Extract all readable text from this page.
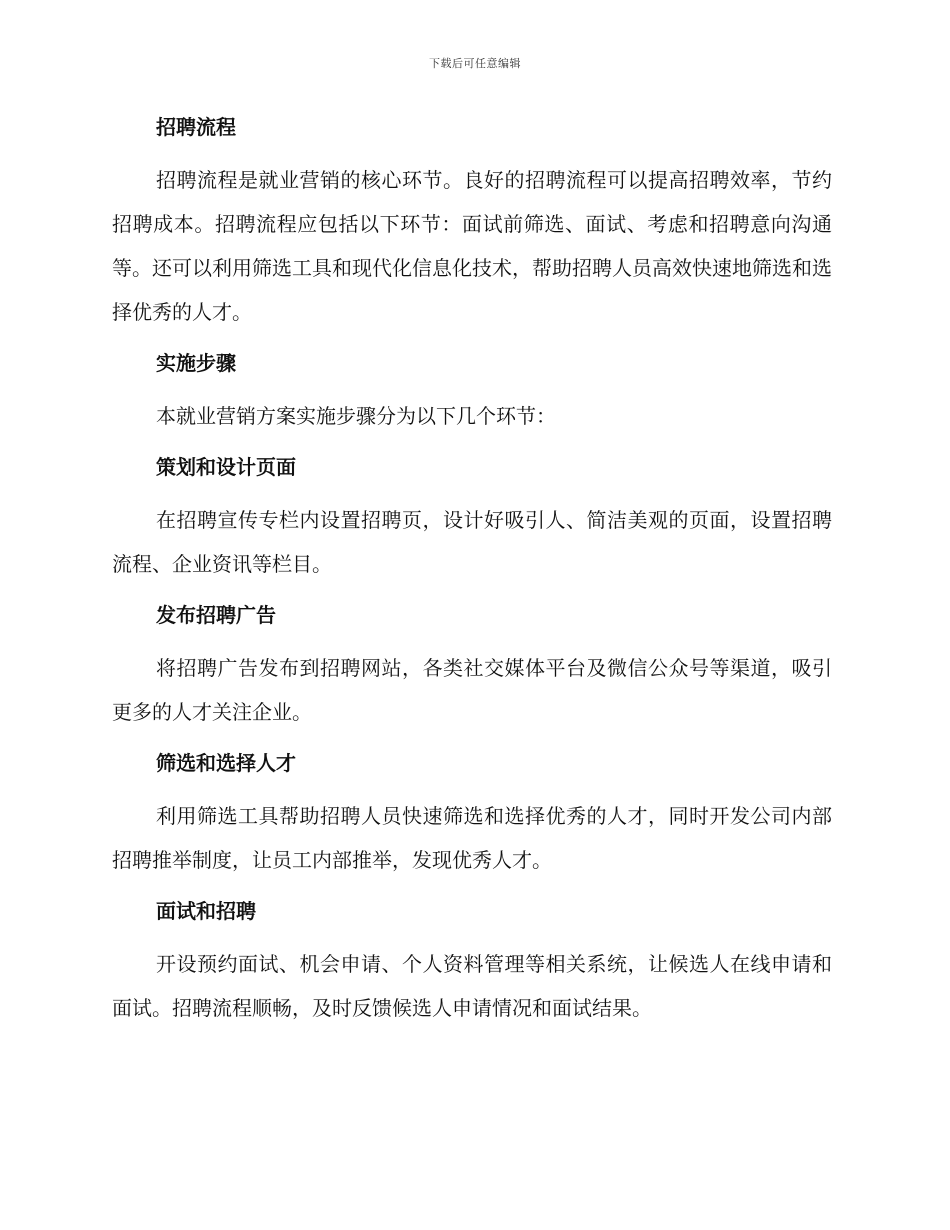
下载后可任意编辑
招聘流程

招聘流程是就业营销的核心环节。良好的招聘流程可以提高招聘效率，节约招聘成本。招聘流程应包括以下环节：面试前筛选、面试、考虑和招聘意向沟通等。还可以利用筛选工具和现代化信息化技术，帮助招聘人员高效快速地筛选和选择优秀的人才。

实施步骤

本就业营销方案实施步骤分为以下几个环节：

策划和设计页面

在招聘宣传专栏内设置招聘页，设计好吸引人、简洁美观的页面，设置招聘流程、企业资讯等栏目。

发布招聘广告

将招聘广告发布到招聘网站，各类社交媒体平台及微信公众号等渠道，吸引更多的人才关注企业。

筛选和选择人才

利用筛选工具帮助招聘人员快速筛选和选择优秀的人才，同时开发公司内部招聘推举制度，让员工内部推举，发现优秀人才。

面试和招聘

开设预约面试、机会申请、个人资料管理等相关系统，让候选人在线申请和面试。招聘流程顺畅，及时反馈候选人申请情况和面试结果。
